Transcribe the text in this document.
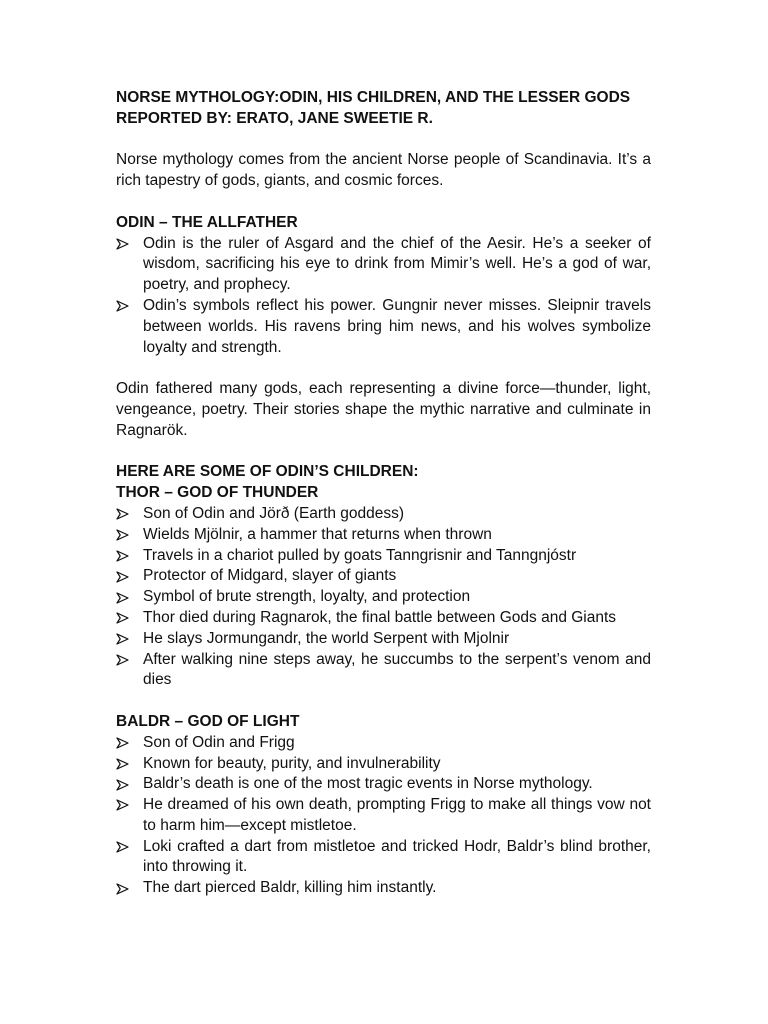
NORSE MYTHOLOGY:ODIN, HIS CHILDREN, AND THE LESSER GODS
REPORTED BY: ERATO, JANE SWEETIE R.
Norse mythology comes from the ancient Norse people of Scandinavia. It’s a rich tapestry of gods, giants, and cosmic forces.
ODIN – THE ALLFATHER
Odin is the ruler of Asgard and the chief of the Aesir. He’s a seeker of wisdom, sacrificing his eye to drink from Mimir’s well. He’s a god of war, poetry, and prophecy.
Odin’s symbols reflect his power. Gungnir never misses. Sleipnir travels between worlds. His ravens bring him news, and his wolves symbolize loyalty and strength.
Odin fathered many gods, each representing a divine force—thunder, light, vengeance, poetry. Their stories shape the mythic narrative and culminate in Ragnarök.
HERE ARE SOME OF ODIN’S CHILDREN:
THOR – GOD OF THUNDER
Son of Odin and Jörð (Earth goddess)
Wields Mjölnir, a hammer that returns when thrown
Travels in a chariot pulled by goats Tanngrisnir and Tanngnjóstr
Protector of Midgard, slayer of giants
Symbol of brute strength, loyalty, and protection
Thor died during Ragnarok, the final battle between Gods and Giants
He slays Jormungandr, the world Serpent with Mjolnir
After walking nine steps away, he succumbs to the serpent’s venom and dies
BALDR – GOD OF LIGHT
Son of Odin and Frigg
Known for beauty, purity, and invulnerability
Baldr’s death is one of the most tragic events in Norse mythology.
He dreamed of his own death, prompting Frigg to make all things vow not to harm him—except mistletoe.
Loki crafted a dart from mistletoe and tricked Hodr, Baldr’s blind brother, into throwing it.
The dart pierced Baldr, killing him instantly.
